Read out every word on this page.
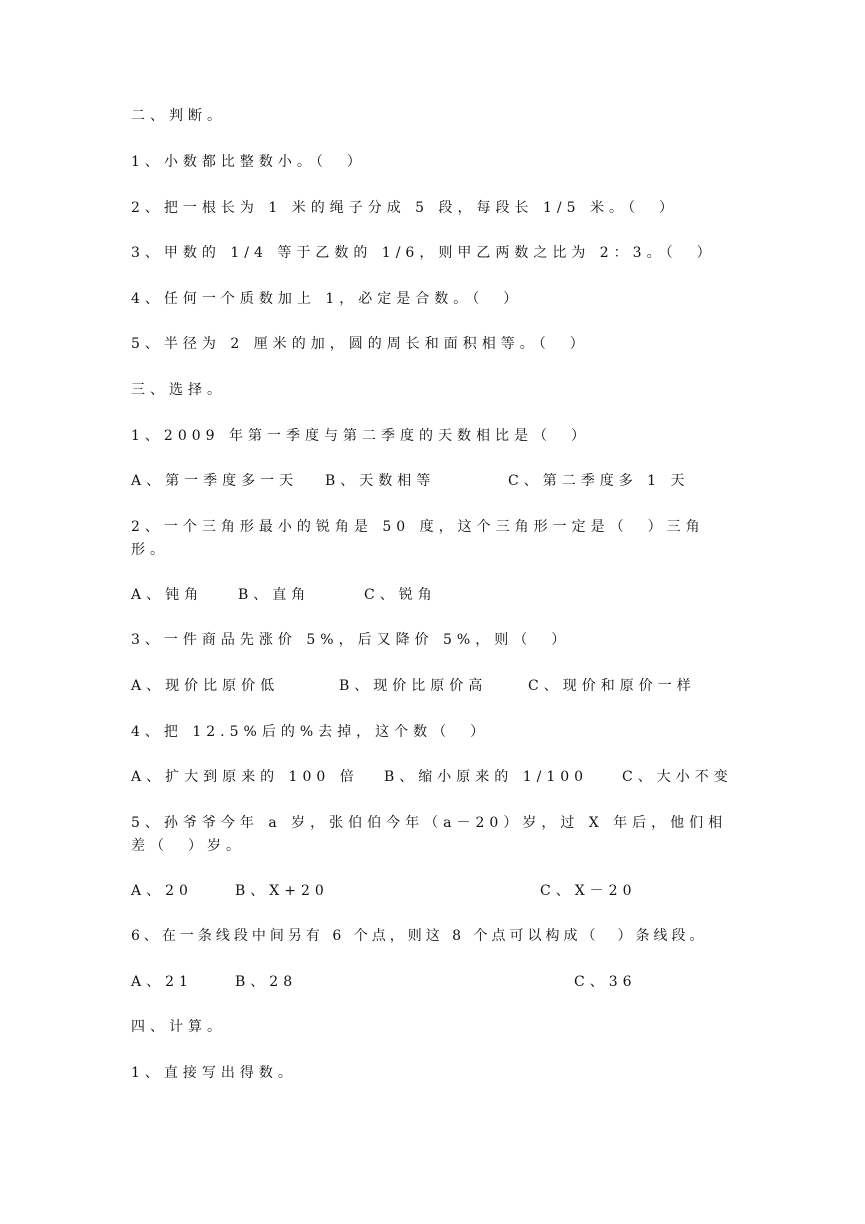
二、判断。
1、小数都比整数小。（　）
2、把一根长为 1 米的绳子分成 5 段，每段长 1/5 米。（　）
3、甲数的 1/4 等于乙数的 1/6，则甲乙两数之比为 2：3。（　）
4、任何一个质数加上 1，必定是合数。（　）
5、半径为 2 厘米的加，圆的周长和面积相等。（　）
三、选择。
1、2009 年第一季度与第二季度的天数相比是（　）
A、第一季度多一天 B、天数相等	C、第二季度多 1 天
2、一个三角形最小的锐角是 50 度，这个三角形一定是（　）三角形。
A、钝角 B、直角	C、锐角
3、一件商品先涨价 5%，后又降价 5%，则（　）
A、现价比原价低	B、现价比原价高	C、现价和原价一样
4、把 12.5%后的%去掉，这个数（　）
A、扩大到原来的 100 倍 B、缩小原来的 1/100 C、大小不变
5、孙爷爷今年 a 岁，张伯伯今年（a－20）岁，过 X 年后，他们相差（　）岁。
A、20	B、X+20	C、X－20
6、在一条线段中间另有 6 个点，则这 8 个点可以构成（　）条线段。
A、21	B、28	C、36
四、计算。
1、直接写出得数。
